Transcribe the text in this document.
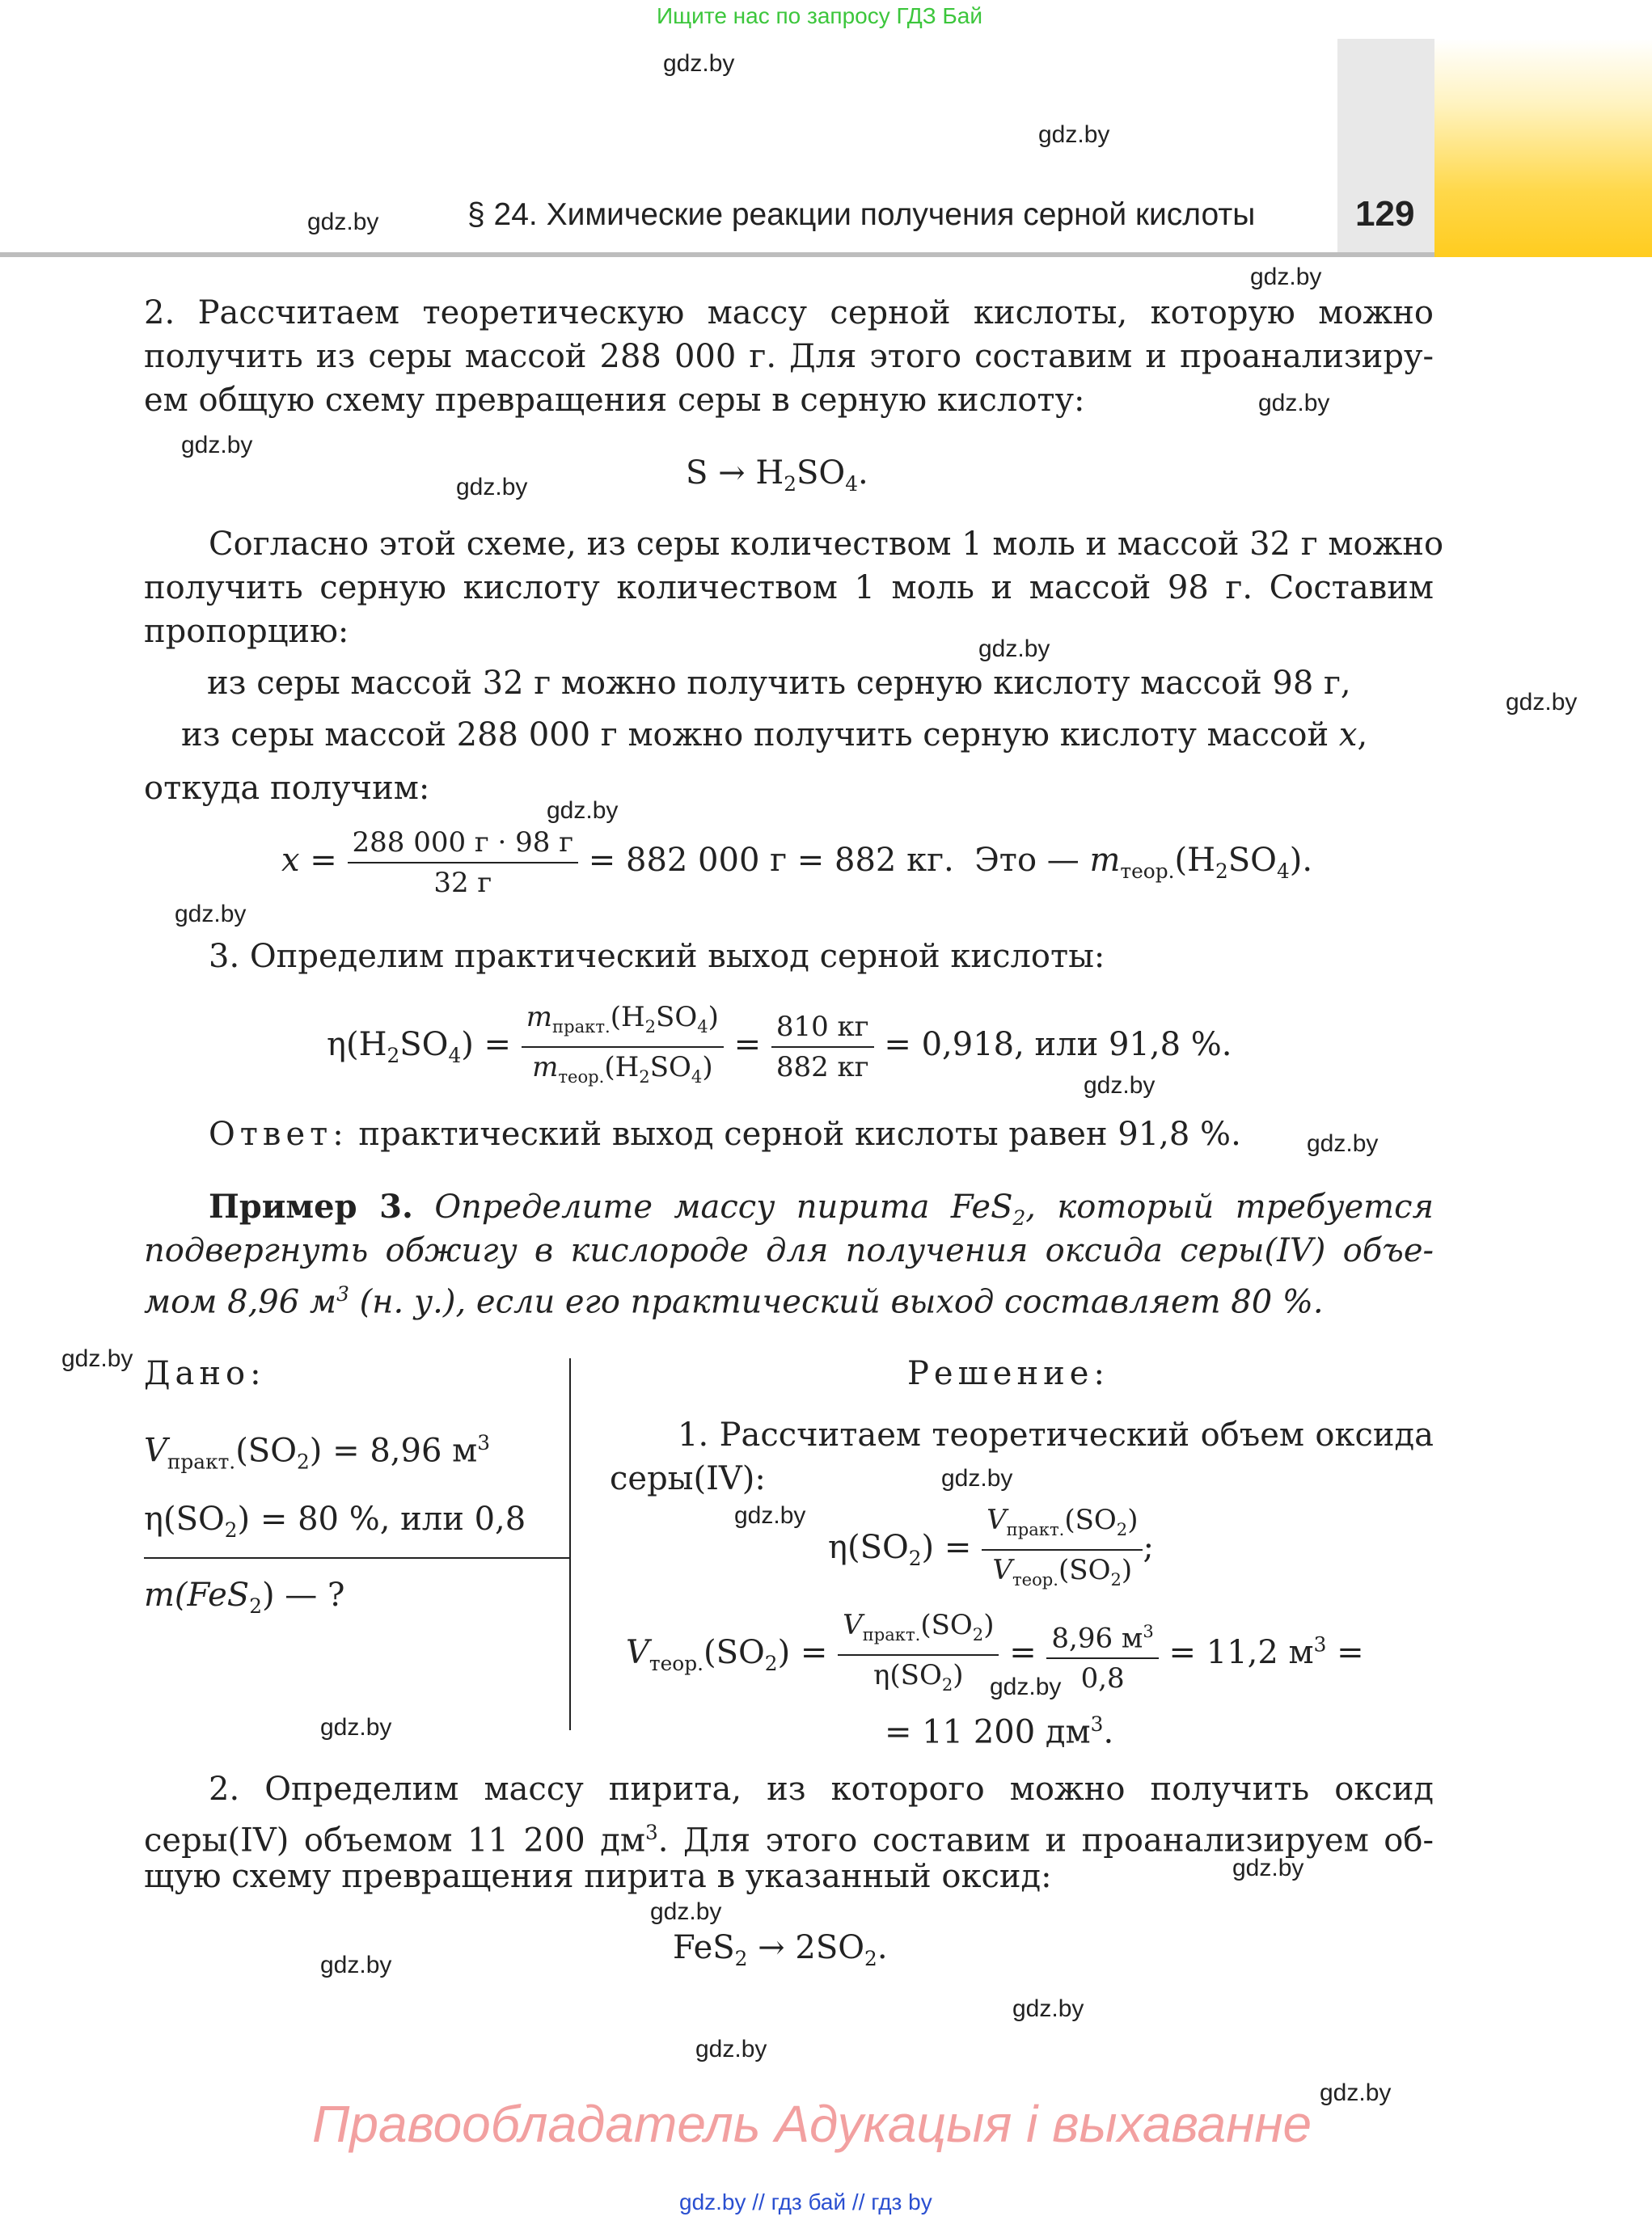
Ищите нас по запросу ГДЗ Бай
§ 24. Химические реакции получения серной кислоты	129
gdz.by
gdz.by
gdz.by
gdz.by
gdz.by
gdz.by
gdz.by
gdz.by
gdz.by
gdz.by
gdz.by
gdz.by
gdz.by
gdz.by
gdz.by
gdz.by
gdz.by
gdz.by
gdz.by
gdz.by
gdz.by
gdz.by
gdz.by
gdz.by
2. Рассчитаем теоретическую массу серной кислоты, которую можно
получить из серы массой 288 000 г. Для этого составим и проанализиру-
ем общую схему превращения серы в серную кислоту:
$S \to H_2SO_4$.
Согласно этой схеме, из серы количеством 1 моль и массой 32 г можно
получить серную кислоту количеством 1 моль и массой 98 г. Составим
пропорцию:
из серы массой 32 г можно получить серную кислоту массой 98 г,
из серы массой 288 000 г можно получить серную кислоту массой x,
откуда получим:
$x = \frac{288 000 г \cdot 98 г}{32 г} = 882$ 000 г = 882 кг. Это — $m_{теор.}(H_2SO_4)$.
3. Определим практический выход серной кислоты:
$\eta(H_2SO_4) = \frac{m_{практ.}(H_2SO_4)}{m_{теор.}(H_2SO_4)} = \frac{810 кг}{882 кг} = 0,918$, или 91,8 %.
Ответ: практический выход серной кислоты равен 91,8 %.
Пример 3. Определите массу пирита FeS$_2$, который требуется
подвергнуть обжигу в кислороде для получения оксида серы(IV) объе-
мом 8,96 $м^3$ (н. у.), если его практический выход составляет 80 %.
Дано:
$V_{практ.}(SO_2) = 8,96$ $м^3$
$\eta(SO_2) = 80$ %, или 0,8
m(FeS$_2$) — ?
Решение:
1. Рассчитаем теоретический объем оксида
серы(IV):
$\eta(SO_2) = \frac{V_{практ.}(SO_2)}{V_{теор.}(SO_2)}$ ;
$V_{теор.}(SO_2) = \frac{V_{практ.}(SO_2)}{\eta(SO_2)} = \frac{8,96 м^3}{0,8} = 11,2$ $м^3$ =
= 11 200 $дм^3$.
2. Определим массу пирита, из которого можно получить оксид
серы(IV) объемом 11 200 $дм^3$. Для этого составим и проанализируем об-
щую схему превращения пирита в указанный оксид:
$FeS_2 \to 2SO_2$.
Правообладатель Адукацыя і выхаванне
gdz.by // гдз бай // гдз by
